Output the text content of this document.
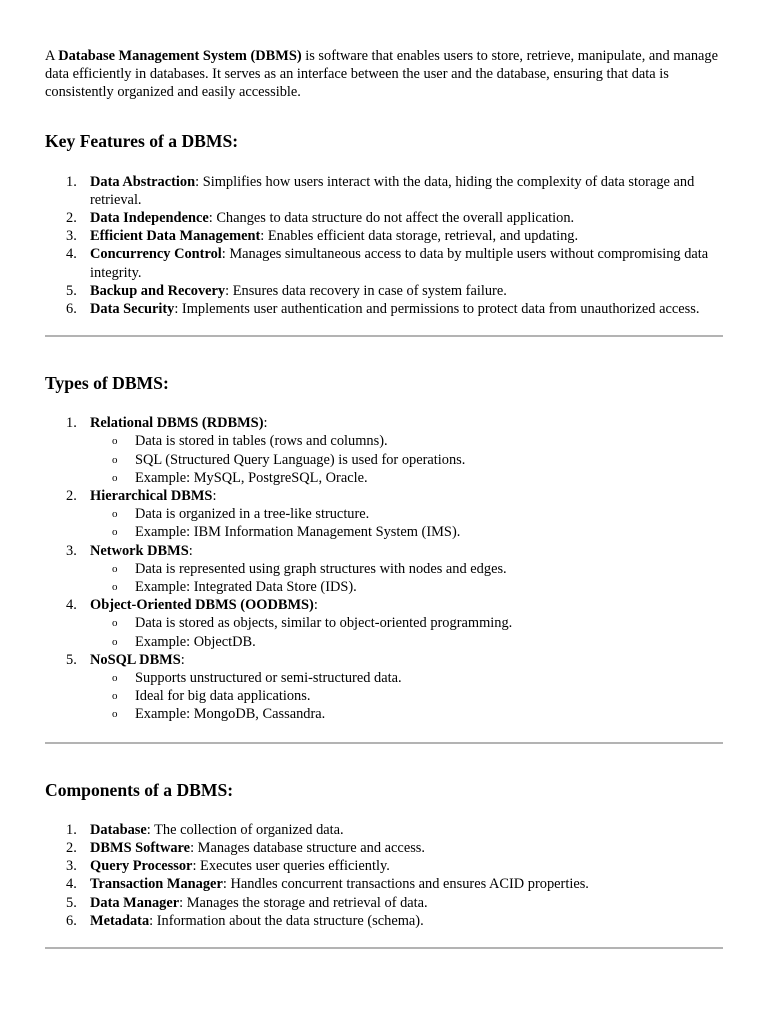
A Database Management System (DBMS) is software that enables users to store, retrieve, manipulate, and manage data efficiently in databases. It serves as an interface between the user and the database, ensuring that data is consistently organized and easily accessible.

Key Features of a DBMS:
1. Data Abstraction: Simplifies how users interact with the data, hiding the complexity of data storage and retrieval.
2. Data Independence: Changes to data structure do not affect the overall application.
3. Efficient Data Management: Enables efficient data storage, retrieval, and updating.
4. Concurrency Control: Manages simultaneous access to data by multiple users without compromising data integrity.
5. Backup and Recovery: Ensures data recovery in case of system failure.
6. Data Security: Implements user authentication and permissions to protect data from unauthorized access.
Types of DBMS:
1. Relational DBMS (RDBMS):
o Data is stored in tables (rows and columns).
o SQL (Structured Query Language) is used for operations.
o Example: MySQL, PostgreSQL, Oracle.
2. Hierarchical DBMS:
o Data is organized in a tree-like structure.
o Example: IBM Information Management System (IMS).
3. Network DBMS:
o Data is represented using graph structures with nodes and edges.
o Example: Integrated Data Store (IDS).
4. Object-Oriented DBMS (OODBMS):
o Data is stored as objects, similar to object-oriented programming.
o Example: ObjectDB.
5. NoSQL DBMS:
o Supports unstructured or semi-structured data.
o Ideal for big data applications.
o Example: MongoDB, Cassandra.
Components of a DBMS:
1. Database: The collection of organized data.
2. DBMS Software: Manages database structure and access.
3. Query Processor: Executes user queries efficiently.
4. Transaction Manager: Handles concurrent transactions and ensures ACID properties.
5. Data Manager: Manages the storage and retrieval of data.
6. Metadata: Information about the data structure (schema).
